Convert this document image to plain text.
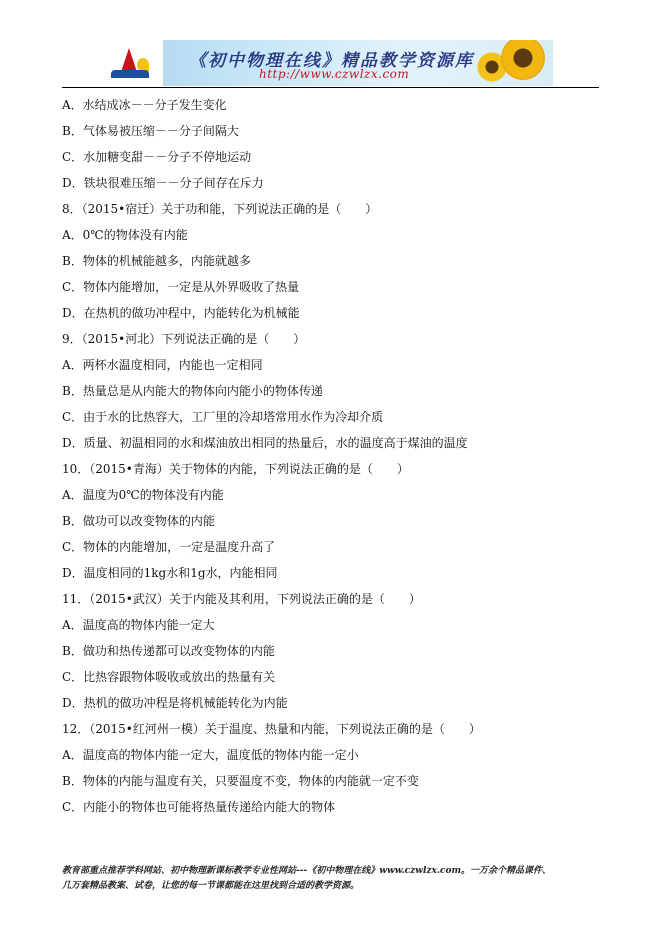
《初中物理在线》精品教学资源库
http://www.czwlzx.com
A．水结成冰－－分子发生变化
B．气体易被压缩－－分子间隔大
C．水加糖变甜－－分子不停地运动
D．铁块很难压缩－－分子间存在斥力
8．（2015•宿迁）关于功和能，下列说法正确的是（　　）
A．0℃的物体没有内能
B．物体的机械能越多，内能就越多
C．物体内能增加，一定是从外界吸收了热量
D．在热机的做功冲程中，内能转化为机械能
9．（2015•河北）下列说法正确的是（　　）
A．两杯水温度相同，内能也一定相同
B．热量总是从内能大的物体向内能小的物体传递
C．由于水的比热容大，工厂里的冷却塔常用水作为冷却介质
D．质量、初温相同的水和煤油放出相同的热量后，水的温度高于煤油的温度
10．（2015•青海）关于物体的内能，下列说法正确的是（　　）
A．温度为0℃的物体没有内能
B．做功可以改变物体的内能
C．物体的内能增加，一定是温度升高了
D．温度相同的1kg水和1g水，内能相同
11．（2015•武汉）关于内能及其利用，下列说法正确的是（　　）
A．温度高的物体内能一定大
B．做功和热传递都可以改变物体的内能
C．比热容跟物体吸收或放出的热量有关
D．热机的做功冲程是将机械能转化为内能
12．（2015•红河州一模）关于温度、热量和内能，下列说法正确的是（　　）
A．温度高的物体内能一定大，温度低的物体内能一定小
B．物体的内能与温度有关，只要温度不变，物体的内能就一定不变
C．内能小的物体也可能将热量传递给内能大的物体
教育部重点推荐学科网站、初中物理新课标教学专业性网站---《初中物理在线》www.czwlzx.com。一万余个精品课件、
几万套精品教案、试卷，让您的每一节课都能在这里找到合适的教学资源。
